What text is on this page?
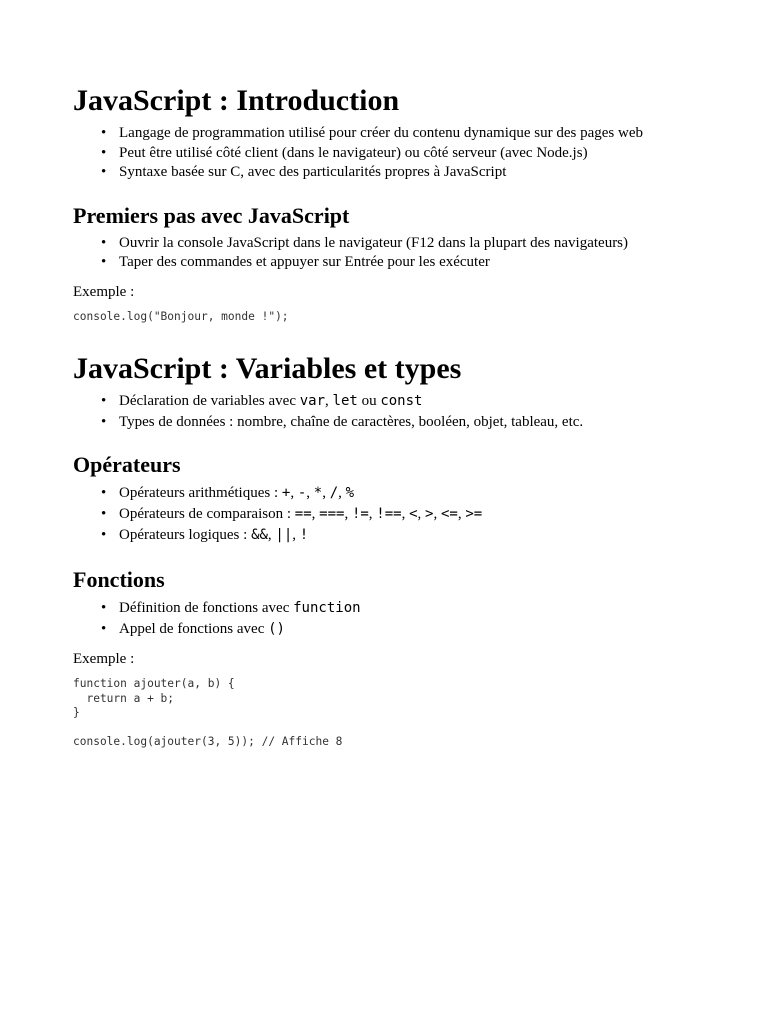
JavaScript : Introduction
• Langage de programmation utilisé pour créer du contenu dynamique sur des pages web
• Peut être utilisé côté client (dans le navigateur) ou côté serveur (avec Node.js)
• Syntaxe basée sur C, avec des particularités propres à JavaScript
Premiers pas avec JavaScript
• Ouvrir la console JavaScript dans le navigateur (F12 dans la plupart des navigateurs)
• Taper des commandes et appuyer sur Entrée pour les exécuter

Exemple :

console.log("Bonjour, monde !");
JavaScript : Variables et types
• Déclaration de variables avec var, let ou const
• Types de données : nombre, chaîne de caractères, booléen, objet, tableau, etc.
Opérateurs
• Opérateurs arithmétiques : +, -, *, /, %
• Opérateurs de comparaison : ==, ===, !=, !==, <, >, <=, >=
• Opérateurs logiques : &&, ||, !
Fonctions
• Définition de fonctions avec function
• Appel de fonctions avec ()

Exemple :

function ajouter(a, b) {
return a + b;
}

console.log(ajouter(3, 5)); // Affiche 8
